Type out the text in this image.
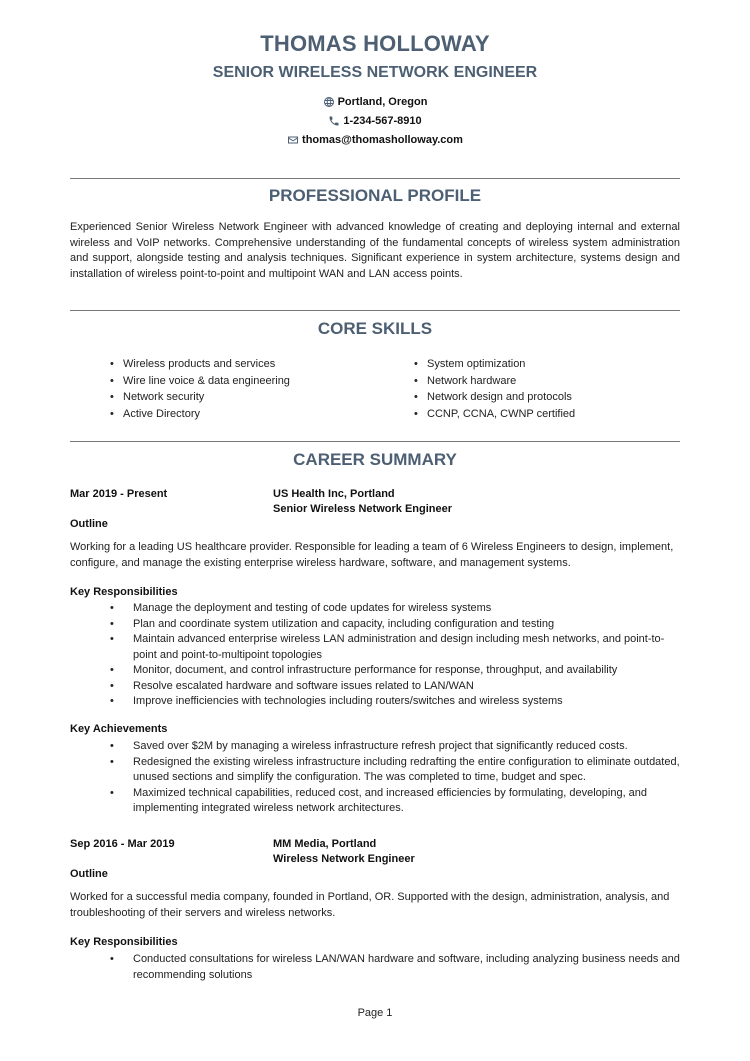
THOMAS HOLLOWAY
SENIOR WIRELESS NETWORK ENGINEER
Portland, Oregon
1-234-567-8910
thomas@thomasholloway.com
PROFESSIONAL PROFILE
Experienced Senior Wireless Network Engineer with advanced knowledge of creating and deploying internal and external wireless and VoIP networks. Comprehensive understanding of the fundamental concepts of wireless system administration and support, alongside testing and analysis techniques. Significant experience in system architecture, systems design and installation of wireless point-to-point and multipoint WAN and LAN access points.
CORE SKILLS
• Wireless products and services
• Wire line voice & data engineering
• Network security
• Active Directory
• System optimization
• Network hardware
• Network design and protocols
• CCNP, CCNA, CWNP certified
CAREER SUMMARY
Mar 2019 - Present	US Health Inc, Portland
Senior Wireless Network Engineer
Outline
Working for a leading US healthcare provider. Responsible for leading a team of 6 Wireless Engineers to design, implement, configure, and manage the existing enterprise wireless hardware, software, and management systems.
Key Responsibilities
• Manage the deployment and testing of code updates for wireless systems
• Plan and coordinate system utilization and capacity, including configuration and testing
• Maintain advanced enterprise wireless LAN administration and design including mesh networks, and point-to-point and point-to-multipoint topologies
• Monitor, document, and control infrastructure performance for response, throughput, and availability
• Resolve escalated hardware and software issues related to LAN/WAN
• Improve inefficiencies with technologies including routers/switches and wireless systems
Key Achievements
• Saved over $2M by managing a wireless infrastructure refresh project that significantly reduced costs.
• Redesigned the existing wireless infrastructure including redrafting the entire configuration to eliminate outdated, unused sections and simplify the configuration. The was completed to time, budget and spec.
• Maximized technical capabilities, reduced cost, and increased efficiencies by formulating, developing, and implementing integrated wireless network architectures.
Sep 2016 - Mar 2019	MM Media, Portland
Wireless Network Engineer
Outline
Worked for a successful media company, founded in Portland, OR. Supported with the design, administration, analysis, and troubleshooting of their servers and wireless networks.
Key Responsibilities
• Conducted consultations for wireless LAN/WAN hardware and software, including analyzing business needs and recommending solutions
Page 1
